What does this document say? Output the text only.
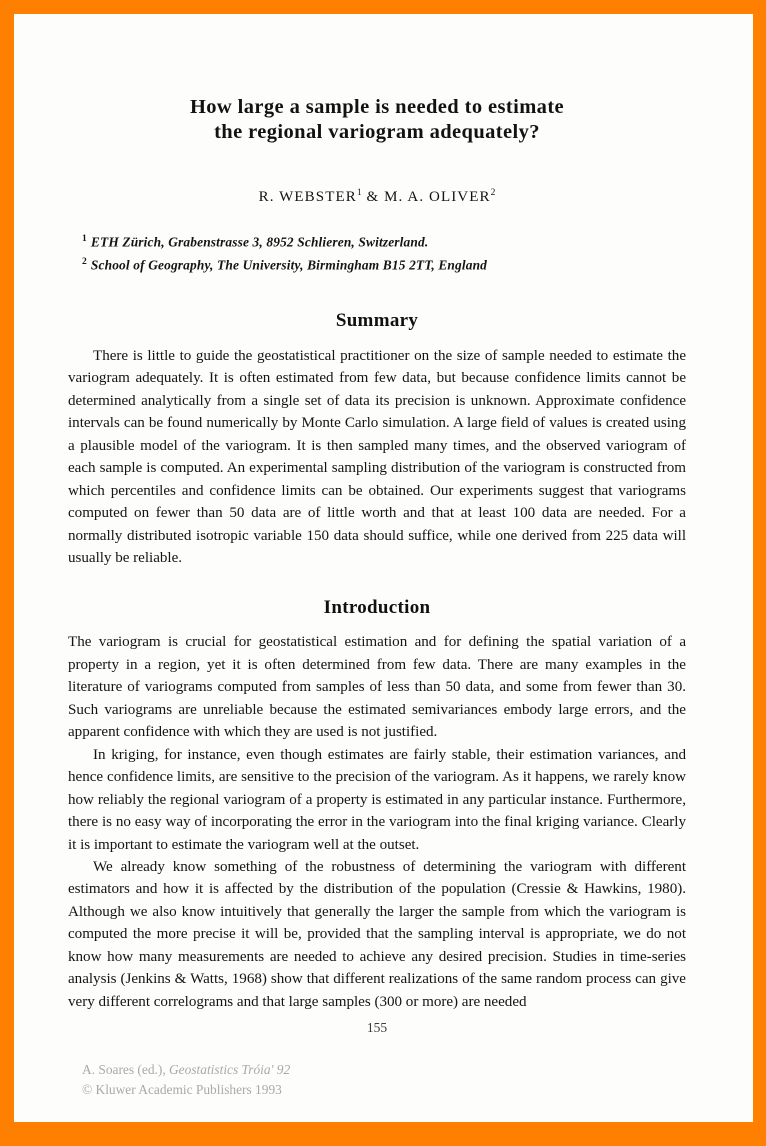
How large a sample is needed to estimate
the regional variogram adequately?

R. WEBSTER$^1$ & M. A. OLIVER$^2$

$^1$ ETH Zürich, Grabenstrasse 3, 8952 Schlieren, Switzerland.
$^2$ School of Geography, The University, Birmingham B15 2TT, England
Summary

There is little to guide the geostatistical practitioner on the size of sample needed to estimate the variogram adequately. It is often estimated from few data, but because confidence limits cannot be determined analytically from a single set of data its precision is unknown. Approximate confidence intervals can be found numerically by Monte Carlo simulation. A large field of values is created using a plausible model of the variogram. It is then sampled many times, and the observed variogram of each sample is computed. An experimental sampling distribution of the variogram is constructed from which percentiles and confidence limits can be obtained. Our experiments suggest that variograms computed on fewer than 50 data are of little worth and that at least 100 data are needed. For a normally distributed isotropic variable 150 data should suffice, while one derived from 225 data will usually be reliable.

Introduction

The variogram is crucial for geostatistical estimation and for defining the spatial variation of a property in a region, yet it is often determined from few data. There are many examples in the literature of variograms computed from samples of less than 50 data, and some from fewer than 30. Such variograms are unreliable because the estimated semivariances embody large errors, and the apparent confidence with which they are used is not justified.

In kriging, for instance, even though estimates are fairly stable, their estimation variances, and hence confidence limits, are sensitive to the precision of the variogram. As it happens, we rarely know how reliably the regional variogram of a property is estimated in any particular instance. Furthermore, there is no easy way of incorporating the error in the variogram into the final kriging variance. Clearly it is important to estimate the variogram well at the outset.

We already know something of the robustness of determining the variogram with different estimators and how it is affected by the distribution of the population (Cressie & Hawkins, 1980). Although we also know intuitively that generally the larger the sample from which the variogram is computed the more precise it will be, provided that the sampling interval is appropriate, we do not know how many measurements are needed to achieve any desired precision. Studies in time-series analysis (Jenkins & Watts, 1968) show that different realizations of the same random process can give very different correlograms and that large samples (300 or more) are needed

155

A. Soares (ed.), Geostatistics Tróia' 92
© Kluwer Academic Publishers 1993
